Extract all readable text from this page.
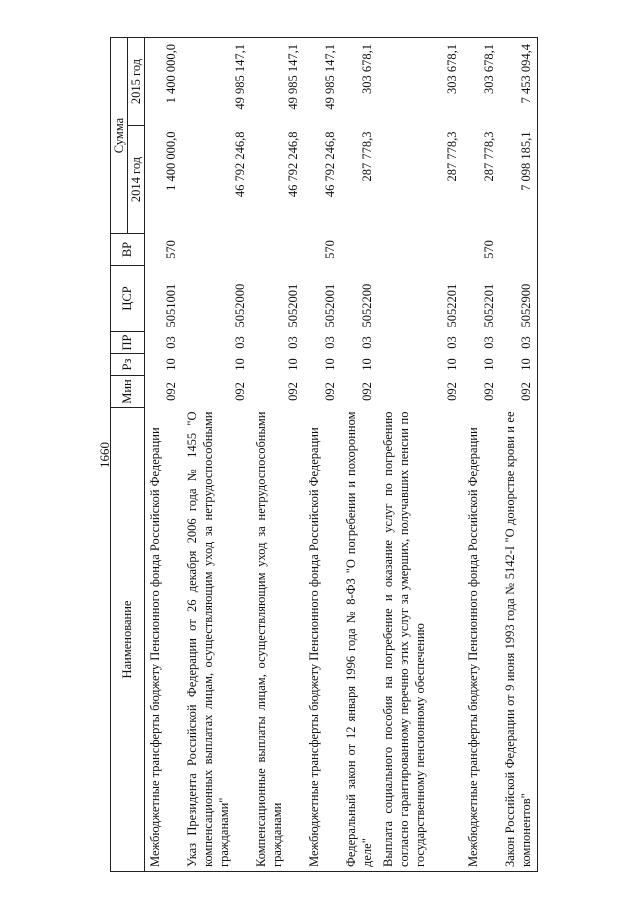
1660
Наименование	Мин	Рз	ПР	ЦСР	ВР	Сумма	
						2014 год	2015 год
Межбюджетные трансферты бюджету Пенсионного фонда Российской Федерации	092	10	03	5051001	570	1 400 000,0	1 400 000,0
Указ Президента Российской Федерации от 26 декабря 2006 года № 1455 "О компенсационных выплатах лицам, осуществляющим уход за нетрудоспособными гражданами"	092	10	03	5052000		46 792 246,8	49 985 147,1
Компенсационные выплаты лицам, осуществляющим уход за нетрудоспособными гражданами	092	10	03	5052001		46 792 246,8	49 985 147,1
Межбюджетные трансферты бюджету Пенсионного фонда Российской Федерации	092	10	03	5052001	570	46 792 246,8	49 985 147,1
Федеральный закон от 12 января 1996 года № 8-ФЗ "О погребении и похоронном деле"	092	10	03	5052200		287 778,3	303 678,1
Выплата социального пособия на погребение и оказание услуг по погребению согласно гарантированному перечню этих услуг за умерших, получавших пенсии по государственному пенсионному обеспечению	092	10	03	5052201		287 778,3	303 678,1
Межбюджетные трансферты бюджету Пенсионного фонда Российской Федерации	092	10	03	5052201	570	287 778,3	303 678,1
Закон Российской Федерации от 9 июня 1993 года № 5142-I "О донорстве крови и ее компонентов"	092	10	03	5052900		7 098 185,1	7 453 094,4
